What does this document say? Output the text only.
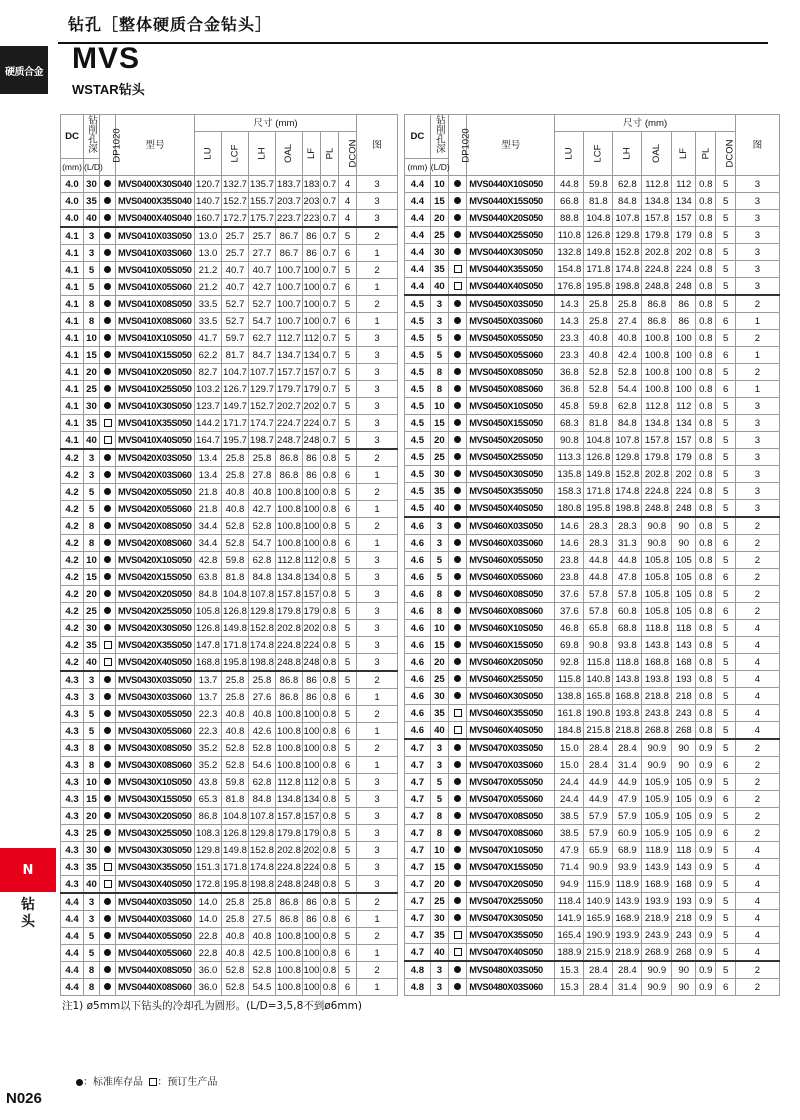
钻孔［整体硬质合金钻头］
MVS
WSTAR钻头
硬质合金
N
钻头
DC	钻削孔深	DP1020	型号	尺寸 (mm)							图
				LU	LCF	LH	OAL	LF	PL	DCON	
(mm)	(L/D)										
4.0	30		MVS0400X30S040	120.7	132.7	135.7	183.7	183	0.7	4	3
4.0	35		MVS0400X35S040	140.7	152.7	155.7	203.7	203	0.7	4	3
4.0	40		MVS0400X40S040	160.7	172.7	175.7	223.7	223	0.7	4	3
4.1	3		MVS0410X03S050	13.0	25.7	25.7	86.7	86	0.7	5	2
4.1	3		MVS0410X03S060	13.0	25.7	27.7	86.7	86	0.7	6	1
4.1	5		MVS0410X05S050	21.2	40.7	40.7	100.7	100	0.7	5	2
4.1	5		MVS0410X05S060	21.2	40.7	42.7	100.7	100	0.7	6	1
4.1	8		MVS0410X08S050	33.5	52.7	52.7	100.7	100	0.7	5	2
4.1	8		MVS0410X08S060	33.5	52.7	54.7	100.7	100	0.7	6	1
4.1	10		MVS0410X10S050	41.7	59.7	62.7	112.7	112	0.7	5	3
4.1	15		MVS0410X15S050	62.2	81.7	84.7	134.7	134	0.7	5	3
4.1	20		MVS0410X20S050	82.7	104.7	107.7	157.7	157	0.7	5	3
4.1	25		MVS0410X25S050	103.2	126.7	129.7	179.7	179	0.7	5	3
4.1	30		MVS0410X30S050	123.7	149.7	152.7	202.7	202	0.7	5	3
4.1	35		MVS0410X35S050	144.2	171.7	174.7	224.7	224	0.7	5	3
4.1	40		MVS0410X40S050	164.7	195.7	198.7	248.7	248	0.7	5	3
4.2	3		MVS0420X03S050	13.4	25.8	25.8	86.8	86	0.8	5	2
4.2	3		MVS0420X03S060	13.4	25.8	27.8	86.8	86	0.8	6	1
4.2	5		MVS0420X05S050	21.8	40.8	40.8	100.8	100	0.8	5	2
4.2	5		MVS0420X05S060	21.8	40.8	42.7	100.8	100	0.8	6	1
4.2	8		MVS0420X08S050	34.4	52.8	52.8	100.8	100	0.8	5	2
4.2	8		MVS0420X08S060	34.4	52.8	54.7	100.8	100	0.8	6	1
4.2	10		MVS0420X10S050	42.8	59.8	62.8	112.8	112	0.8	5	3
4.2	15		MVS0420X15S050	63.8	81.8	84.8	134.8	134	0.8	5	3
4.2	20		MVS0420X20S050	84.8	104.8	107.8	157.8	157	0.8	5	3
4.2	25		MVS0420X25S050	105.8	126.8	129.8	179.8	179	0.8	5	3
4.2	30		MVS0420X30S050	126.8	149.8	152.8	202.8	202	0.8	5	3
4.2	35		MVS0420X35S050	147.8	171.8	174.8	224.8	224	0.8	5	3
4.2	40		MVS0420X40S050	168.8	195.8	198.8	248.8	248	0.8	5	3
4.3	3		MVS0430X03S050	13.7	25.8	25.8	86.8	86	0.8	5	2
4.3	3		MVS0430X03S060	13.7	25.8	27.6	86.8	86	0.8	6	1
4.3	5		MVS0430X05S050	22.3	40.8	40.8	100.8	100	0.8	5	2
4.3	5		MVS0430X05S060	22.3	40.8	42.6	100.8	100	0.8	6	1
4.3	8		MVS0430X08S050	35.2	52.8	52.8	100.8	100	0.8	5	2
4.3	8		MVS0430X08S060	35.2	52.8	54.6	100.8	100	0.8	6	1
4.3	10		MVS0430X10S050	43.8	59.8	62.8	112.8	112	0.8	5	3
4.3	15		MVS0430X15S050	65.3	81.8	84.8	134.8	134	0.8	5	3
4.3	20		MVS0430X20S050	86.8	104.8	107.8	157.8	157	0.8	5	3
4.3	25		MVS0430X25S050	108.3	126.8	129.8	179.8	179	0.8	5	3
4.3	30		MVS0430X30S050	129.8	149.8	152.8	202.8	202	0.8	5	3
4.3	35		MVS0430X35S050	151.3	171.8	174.8	224.8	224	0.8	5	3
4.3	40		MVS0430X40S050	172.8	195.8	198.8	248.8	248	0.8	5	3
4.4	3		MVS0440X03S050	14.0	25.8	25.8	86.8	86	0.8	5	2
4.4	3		MVS0440X03S060	14.0	25.8	27.5	86.8	86	0.8	6	1
4.4	5		MVS0440X05S050	22.8	40.8	40.8	100.8	100	0.8	5	2
4.4	5		MVS0440X05S060	22.8	40.8	42.5	100.8	100	0.8	6	1
4.4	8		MVS0440X08S050	36.0	52.8	52.8	100.8	100	0.8	5	2
4.4	8		MVS0440X08S060	36.0	52.8	54.5	100.8	100	0.8	6	1
DC	钻削孔深	DP1020	型号	尺寸 (mm)							图
				LU	LCF	LH	OAL	LF	PL	DCON	
(mm)	(L/D)										
4.4	10		MVS0440X10S050	44.8	59.8	62.8	112.8	112	0.8	5	3
4.4	15		MVS0440X15S050	66.8	81.8	84.8	134.8	134	0.8	5	3
4.4	20		MVS0440X20S050	88.8	104.8	107.8	157.8	157	0.8	5	3
4.4	25		MVS0440X25S050	110.8	126.8	129.8	179.8	179	0.8	5	3
4.4	30		MVS0440X30S050	132.8	149.8	152.8	202.8	202	0.8	5	3
4.4	35		MVS0440X35S050	154.8	171.8	174.8	224.8	224	0.8	5	3
4.4	40		MVS0440X40S050	176.8	195.8	198.8	248.8	248	0.8	5	3
4.5	3		MVS0450X03S050	14.3	25.8	25.8	86.8	86	0.8	5	2
4.5	3		MVS0450X03S060	14.3	25.8	27.4	86.8	86	0.8	6	1
4.5	5		MVS0450X05S050	23.3	40.8	40.8	100.8	100	0.8	5	2
4.5	5		MVS0450X05S060	23.3	40.8	42.4	100.8	100	0.8	6	1
4.5	8		MVS0450X08S050	36.8	52.8	52.8	100.8	100	0.8	5	2
4.5	8		MVS0450X08S060	36.8	52.8	54.4	100.8	100	0.8	6	1
4.5	10		MVS0450X10S050	45.8	59.8	62.8	112.8	112	0.8	5	3
4.5	15		MVS0450X15S050	68.3	81.8	84.8	134.8	134	0.8	5	3
4.5	20		MVS0450X20S050	90.8	104.8	107.8	157.8	157	0.8	5	3
4.5	25		MVS0450X25S050	113.3	126.8	129.8	179.8	179	0.8	5	3
4.5	30		MVS0450X30S050	135.8	149.8	152.8	202.8	202	0.8	5	3
4.5	35		MVS0450X35S050	158.3	171.8	174.8	224.8	224	0.8	5	3
4.5	40		MVS0450X40S050	180.8	195.8	198.8	248.8	248	0.8	5	3
4.6	3		MVS0460X03S050	14.6	28.3	28.3	90.8	90	0.8	5	2
4.6	3		MVS0460X03S060	14.6	28.3	31.3	90.8	90	0.8	6	2
4.6	5		MVS0460X05S050	23.8	44.8	44.8	105.8	105	0.8	5	2
4.6	5		MVS0460X05S060	23.8	44.8	47.8	105.8	105	0.8	6	2
4.6	8		MVS0460X08S050	37.6	57.8	57.8	105.8	105	0.8	5	2
4.6	8		MVS0460X08S060	37.6	57.8	60.8	105.8	105	0.8	6	2
4.6	10		MVS0460X10S050	46.8	65.8	68.8	118.8	118	0.8	5	4
4.6	15		MVS0460X15S050	69.8	90.8	93.8	143.8	143	0.8	5	4
4.6	20		MVS0460X20S050	92.8	115.8	118.8	168.8	168	0.8	5	4
4.6	25		MVS0460X25S050	115.8	140.8	143.8	193.8	193	0.8	5	4
4.6	30		MVS0460X30S050	138.8	165.8	168.8	218.8	218	0.8	5	4
4.6	35		MVS0460X35S050	161.8	190.8	193.8	243.8	243	0.8	5	4
4.6	40		MVS0460X40S050	184.8	215.8	218.8	268.8	268	0.8	5	4
4.7	3		MVS0470X03S050	15.0	28.4	28.4	90.9	90	0.9	5	2
4.7	3		MVS0470X03S060	15.0	28.4	31.4	90.9	90	0.9	6	2
4.7	5		MVS0470X05S050	24.4	44.9	44.9	105.9	105	0.9	5	2
4.7	5		MVS0470X05S060	24.4	44.9	47.9	105.9	105	0.9	6	2
4.7	8		MVS0470X08S050	38.5	57.9	57.9	105.9	105	0.9	5	2
4.7	8		MVS0470X08S060	38.5	57.9	60.9	105.9	105	0.9	6	2
4.7	10		MVS0470X10S050	47.9	65.9	68.9	118.9	118	0.9	5	4
4.7	15		MVS0470X15S050	71.4	90.9	93.9	143.9	143	0.9	5	4
4.7	20		MVS0470X20S050	94.9	115.9	118.9	168.9	168	0.9	5	4
4.7	25		MVS0470X25S050	118.4	140.9	143.9	193.9	193	0.9	5	4
4.7	30		MVS0470X30S050	141.9	165.9	168.9	218.9	218	0.9	5	4
4.7	35		MVS0470X35S050	165.4	190.9	193.9	243.9	243	0.9	5	4
4.7	40		MVS0470X40S050	188.9	215.9	218.9	268.9	268	0.9	5	4
4.8	3		MVS0480X03S050	15.3	28.4	28.4	90.9	90	0.9	5	2
4.8	3		MVS0480X03S060	15.3	28.4	31.4	90.9	90	0.9	6	2
注1) ø5mm以下钻头的冷却孔为圆形。(L/D=3,5,8不到ø6mm)
：标准库存品 ：预订生产品
N026
